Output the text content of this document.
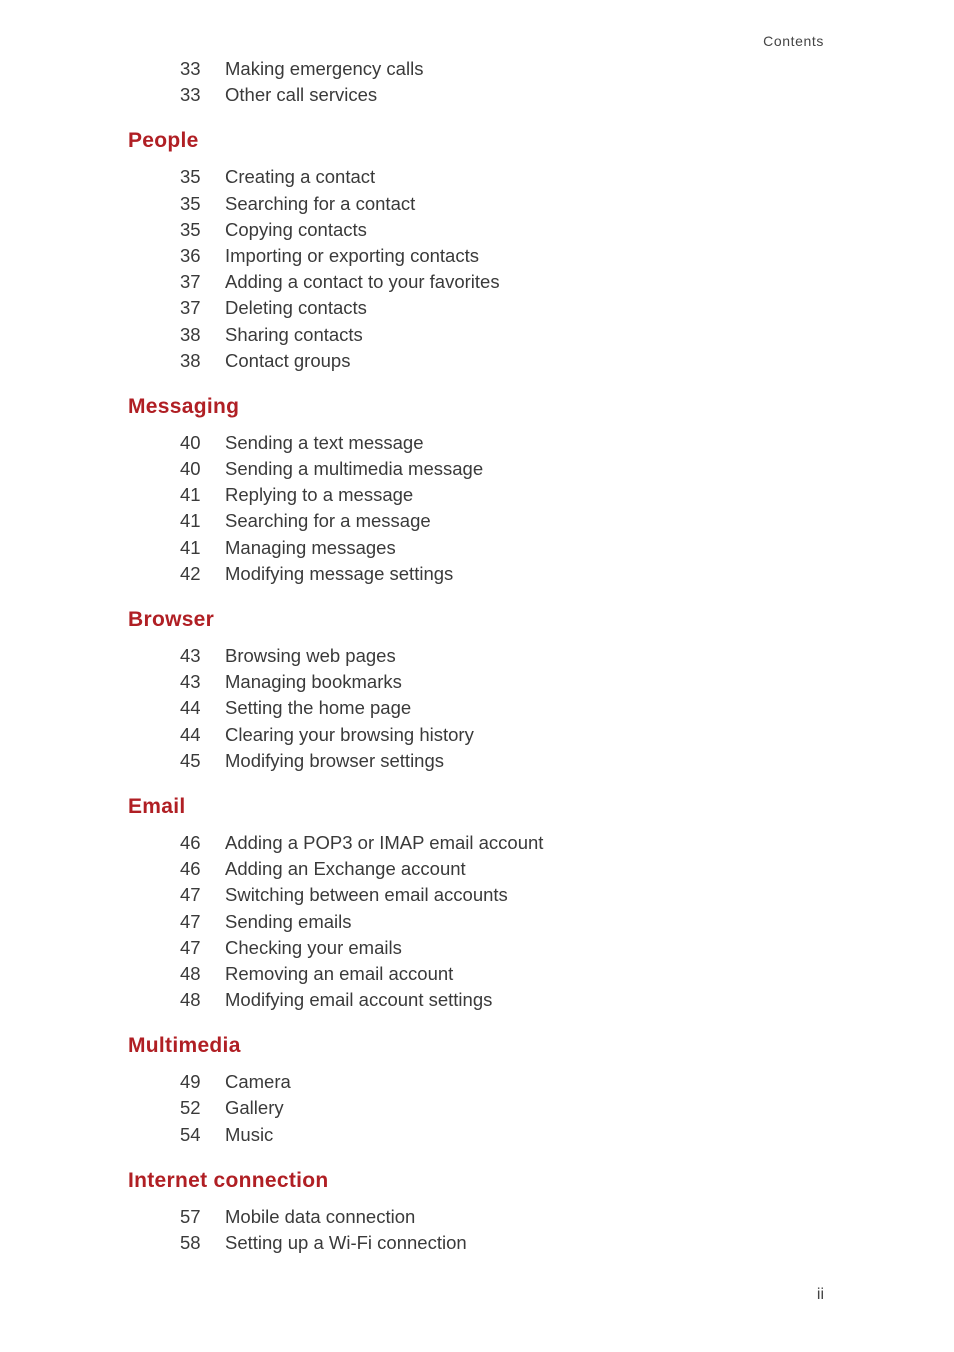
Contents
33	Making emergency calls
33	Other call services
People
35	Creating a contact
35	Searching for a contact
35	Copying contacts
36	Importing or exporting contacts
37	Adding a contact to your favorites
37	Deleting contacts
38	Sharing contacts
38	Contact groups
Messaging
40	Sending a text message
40	Sending a multimedia message
41	Replying to a message
41	Searching for a message
41	Managing messages
42	Modifying message settings
Browser
43	Browsing web pages
43	Managing bookmarks
44	Setting the home page
44	Clearing your browsing history
45	Modifying browser settings
Email
46	Adding a POP3 or IMAP email account
46	Adding an Exchange account
47	Switching between email accounts
47	Sending emails
47	Checking your emails
48	Removing an email account
48	Modifying email account settings
Multimedia
49	Camera
52	Gallery
54	Music
Internet connection
57	Mobile data connection
58	Setting up a Wi-Fi connection
ii
